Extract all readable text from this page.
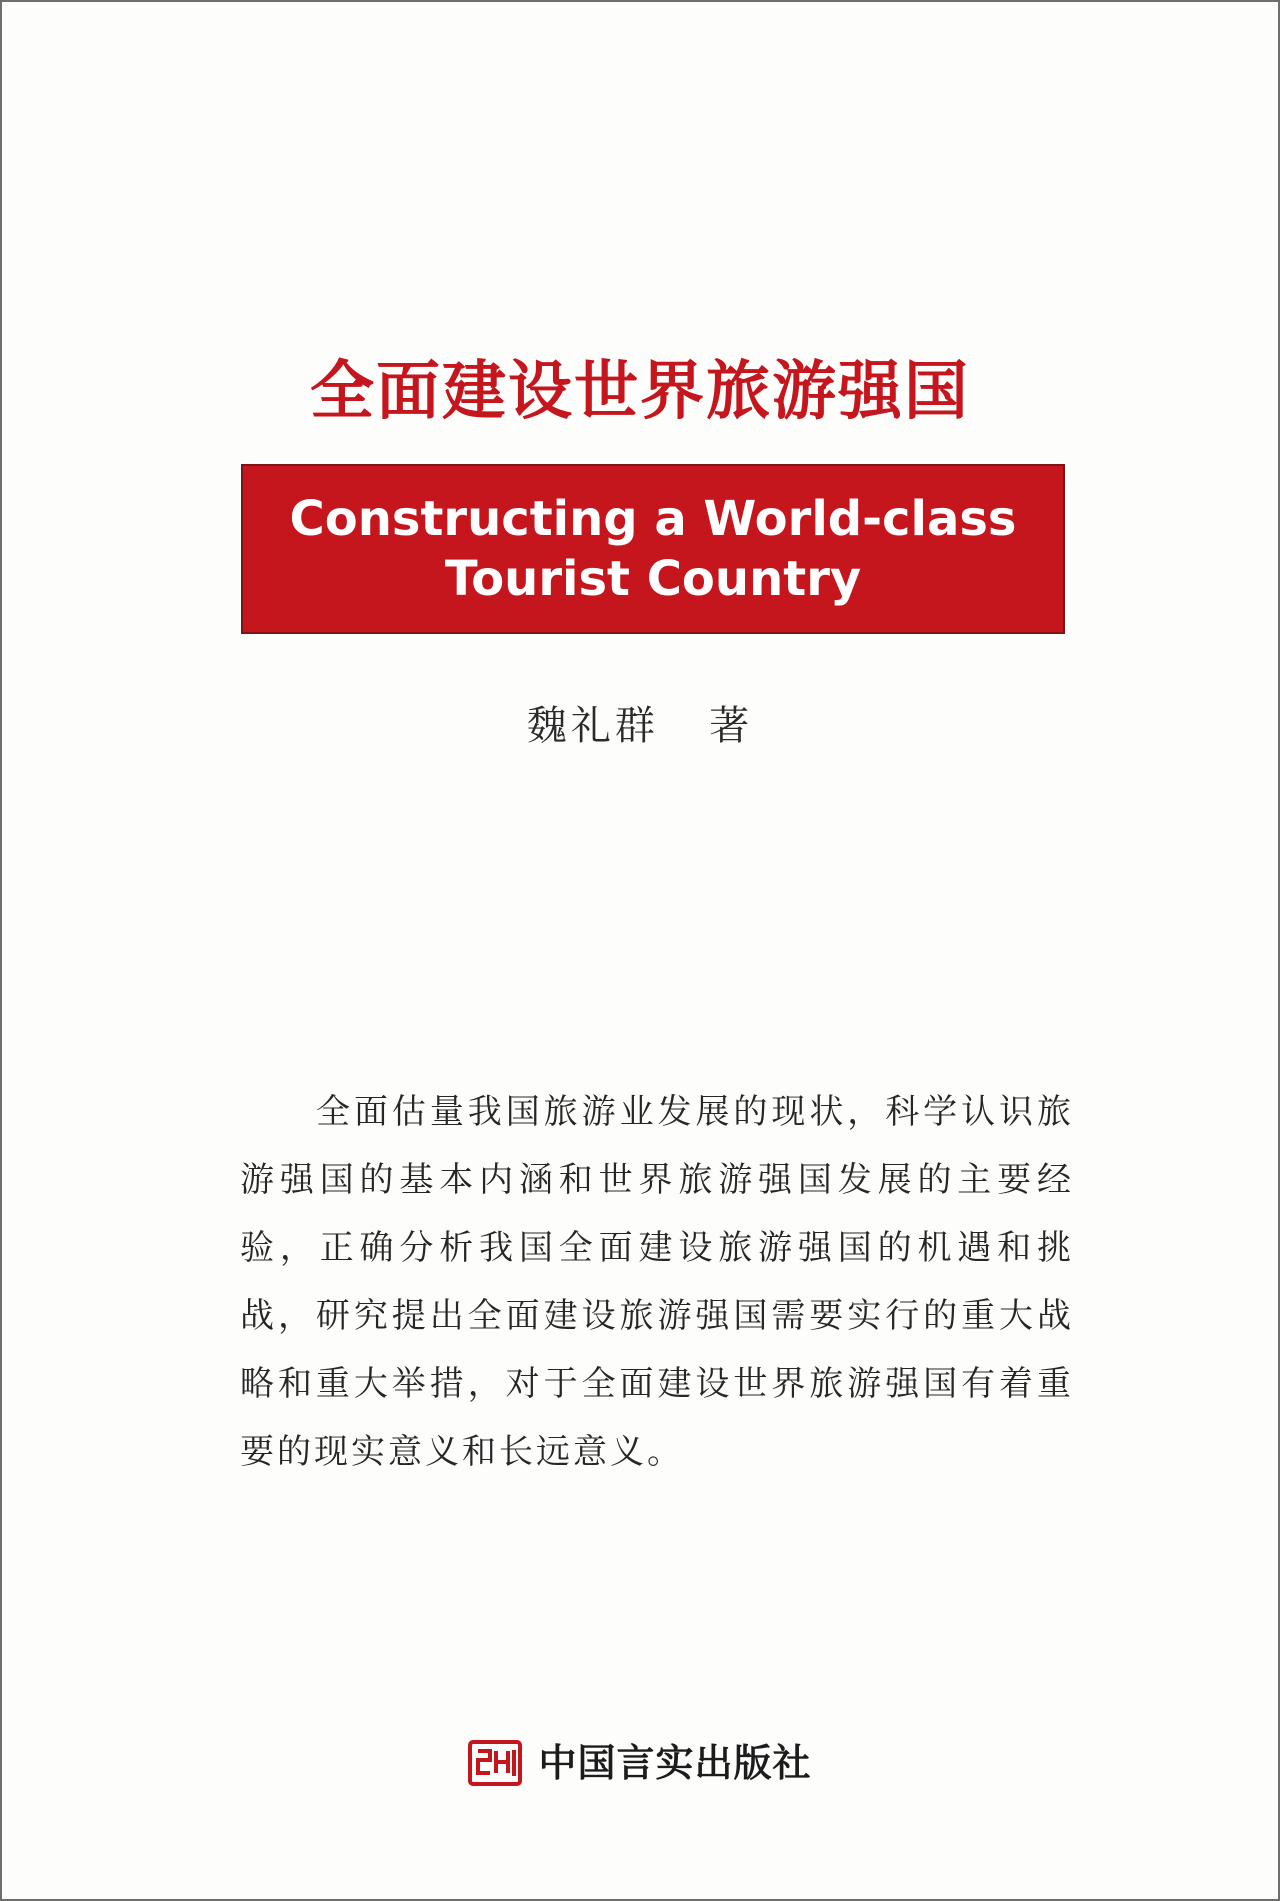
全面建设世界旅游强国
Constructing a World-class
Tourist Country
魏礼群   著

全面估量我国旅游业发展的现状，科学认识旅游强国的基本内涵和世界旅游强国发展的主要经验，正确分析我国全面建设旅游强国的机遇和挑战，研究提出全面建设旅游强国需要实行的重大战略和重大举措，对于全面建设世界旅游强国有着重要的现实意义和长远意义。

中国言实出版社
